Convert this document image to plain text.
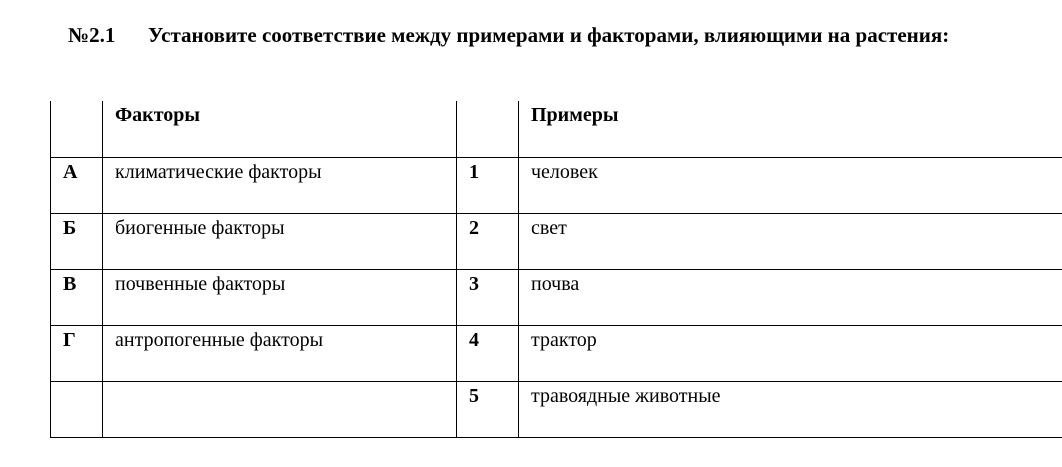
№2.1 Установите соответствие между примерами и факторами, влияющими на растения:

	Факторы		Примеры

А	климатические факторы	1	человек

Б	биогенные факторы	2	свет

В	почвенные факторы	3	почва

Г	антропогенные факторы	4	трактор

		5	травоядные животные
